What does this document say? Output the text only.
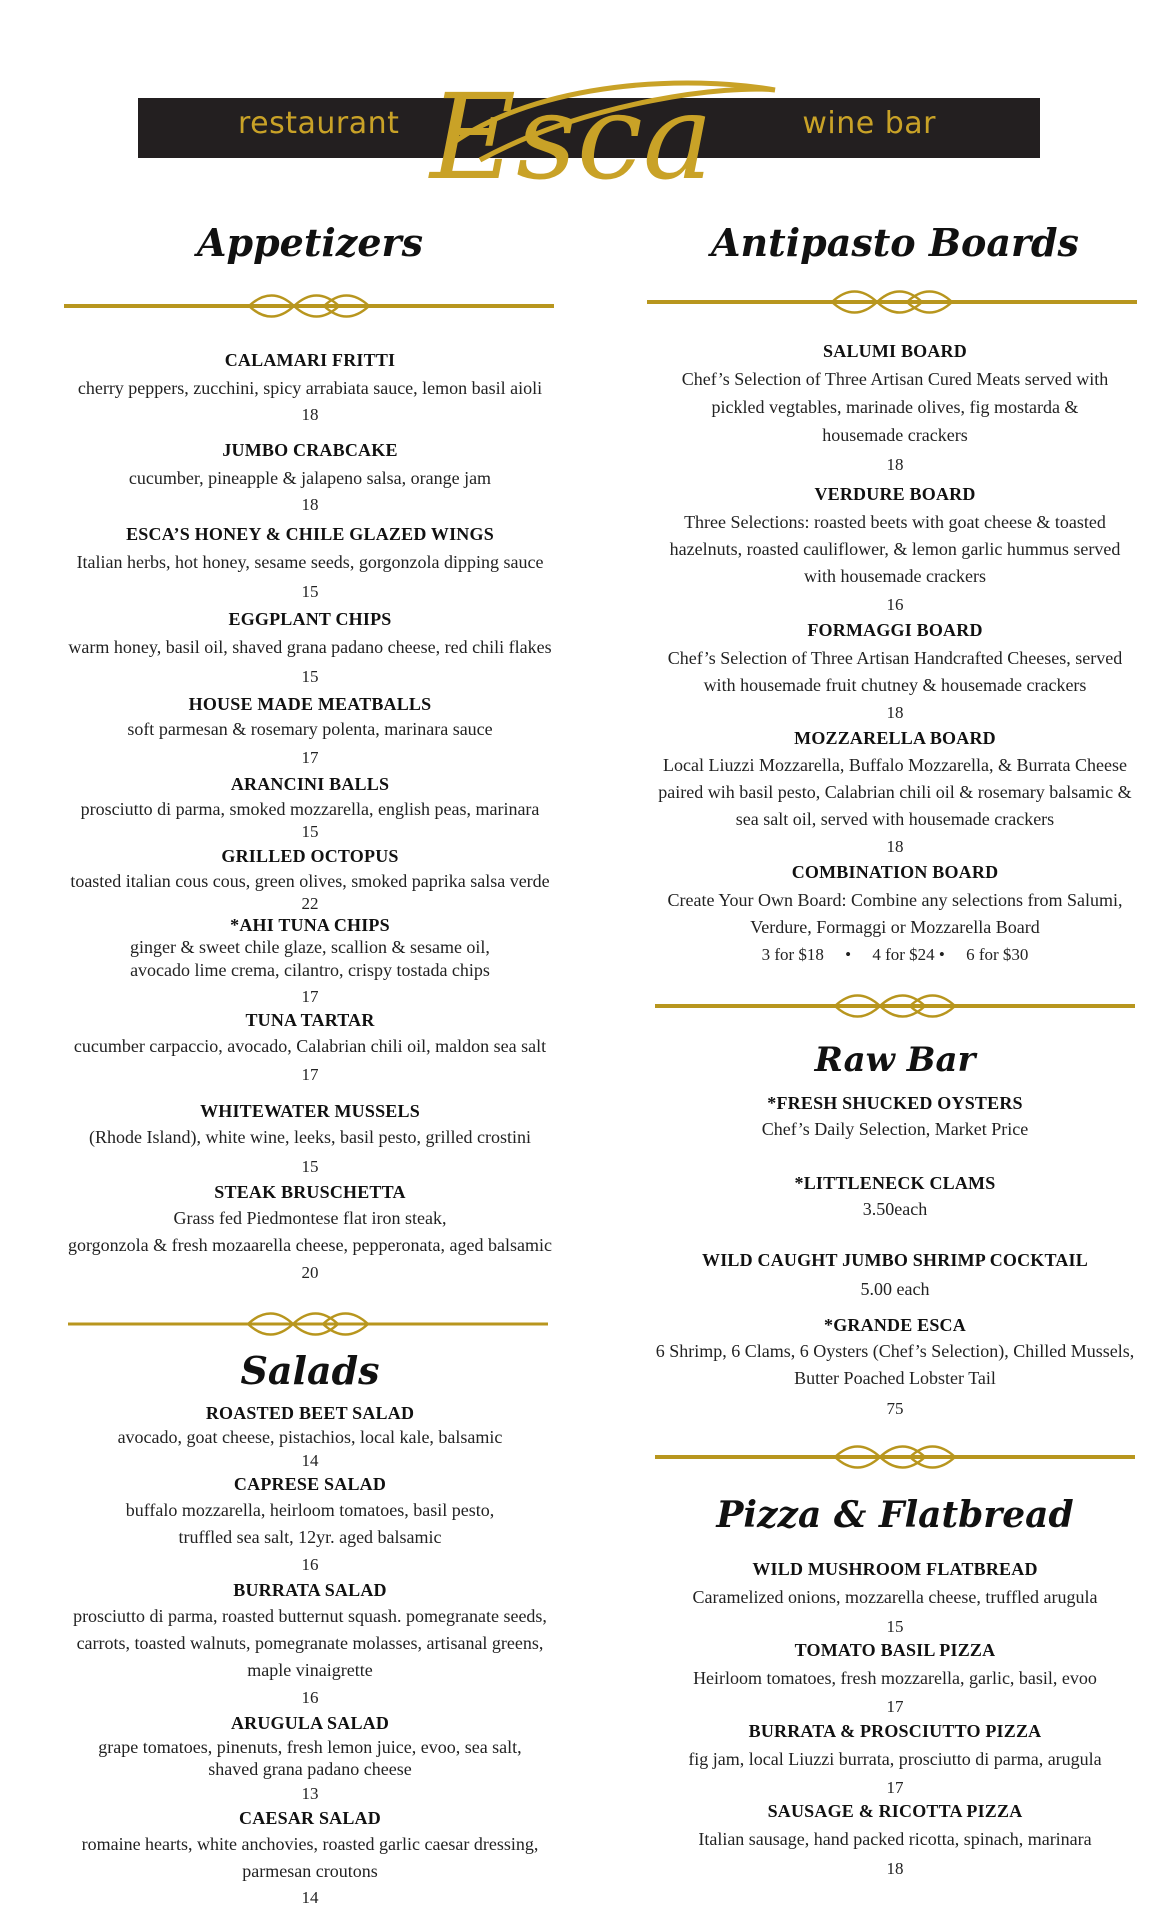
restaurant	wine bar
Esca
Appetizers
CALAMARI FRITTI
cherry peppers, zucchini, spicy arrabiata sauce, lemon basil aioli
18
JUMBO CRABCAKE
cucumber, pineapple & jalapeno salsa, orange jam
18
ESCA’S HONEY & CHILE GLAZED WINGS
Italian herbs, hot honey, sesame seeds, gorgonzola dipping sauce
15
EGGPLANT CHIPS
warm honey, basil oil, shaved grana padano cheese, red chili flakes
15
HOUSE MADE MEATBALLS
soft parmesan & rosemary polenta, marinara sauce
17
ARANCINI BALLS
prosciutto di parma, smoked mozzarella, english peas, marinara
15
GRILLED OCTOPUS
toasted italian cous cous, green olives, smoked paprika salsa verde
22
*AHI TUNA CHIPS
ginger & sweet chile glaze, scallion & sesame oil,
avocado lime crema, cilantro, crispy tostada chips
17
TUNA TARTAR
cucumber carpaccio, avocado, Calabrian chili oil, maldon sea salt
17
WHITEWATER MUSSELS
(Rhode Island), white wine, leeks, basil pesto, grilled crostini
15
STEAK BRUSCHETTA
Grass fed Piedmontese flat iron steak,
gorgonzola & fresh mozaarella cheese, pepperonata, aged balsamic
20
Salads
ROASTED BEET SALAD
avocado, goat cheese, pistachios, local kale, balsamic
14
CAPRESE SALAD
buffalo mozzarella, heirloom tomatoes, basil pesto,
truffled sea salt, 12yr. aged balsamic
16
BURRATA SALAD
prosciutto di parma, roasted butternut squash. pomegranate seeds,
carrots, toasted walnuts, pomegranate molasses, artisanal greens,
maple vinaigrette
16
ARUGULA SALAD
grape tomatoes, pinenuts, fresh lemon juice, evoo, sea salt,
shaved grana padano cheese
13
CAESAR SALAD
romaine hearts, white anchovies, roasted garlic caesar dressing,
parmesan croutons
14
Antipasto Boards
SALUMI BOARD
Chef’s Selection of Three Artisan Cured Meats served with
pickled vegtables, marinade olives, fig mostarda &
housemade crackers
18
VERDURE BOARD
Three Selections: roasted beets with goat cheese & toasted
hazelnuts, roasted cauliflower, & lemon garlic hummus served
with housemade crackers
16
FORMAGGI BOARD
Chef’s Selection of Three Artisan Handcrafted Cheeses, served
with housemade fruit chutney & housemade crackers
18
MOZZARELLA BOARD
Local Liuzzi Mozzarella, Buffalo Mozzarella, & Burrata Cheese
paired wih basil pesto, Calabrian chili oil & rosemary balsamic &
sea salt oil, served with housemade crackers
18
COMBINATION BOARD
Create Your Own Board: Combine any selections from Salumi,
Verdure, Formaggi or Mozzarella Board
3 for $18     •     4 for $24 •     6 for $30
Raw Bar
*FRESH SHUCKED OYSTERS
Chef’s Daily Selection, Market Price
*LITTLENECK CLAMS
3.50each
WILD CAUGHT JUMBO SHRIMP COCKTAIL
5.00 each
*GRANDE ESCA
6 Shrimp, 6 Clams, 6 Oysters (Chef’s Selection), Chilled Mussels,
Butter Poached Lobster Tail
75
Pizza & Flatbread
WILD MUSHROOM FLATBREAD
Caramelized onions, mozzarella cheese, truffled arugula
15
TOMATO BASIL PIZZA
Heirloom tomatoes, fresh mozzarella, garlic, basil, evoo
17
BURRATA & PROSCIUTTO PIZZA
fig jam, local Liuzzi burrata, prosciutto di parma, arugula
17
SAUSAGE & RICOTTA PIZZA
Italian sausage, hand packed ricotta, spinach, marinara
18
